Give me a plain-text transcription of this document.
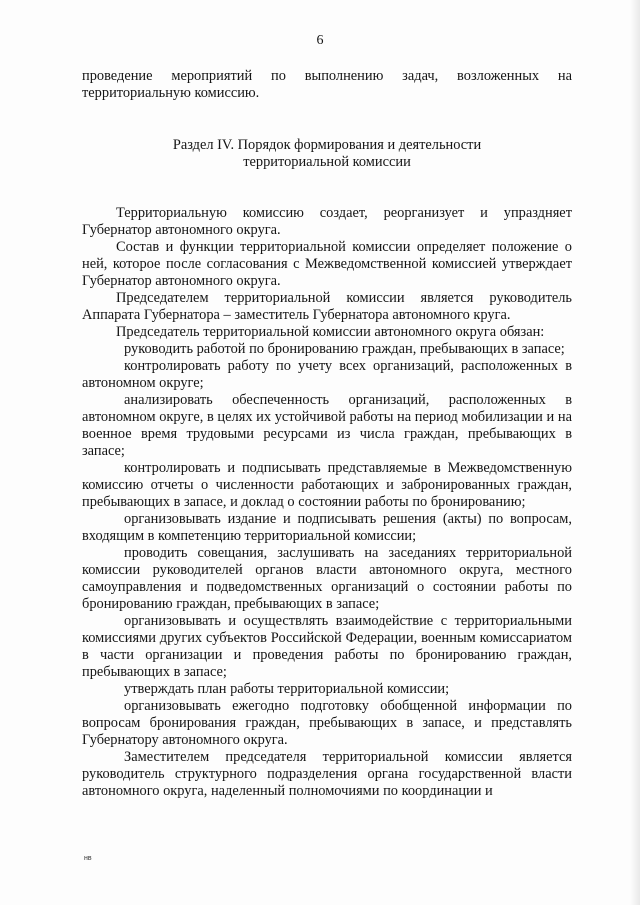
6

проведение мероприятий по выполнению задач, возложенных на территориальную комиссию.

Раздел IV. Порядок формирования и деятельности
территориальной комиссии

Территориальную комиссию создает, реорганизует и упраздняет Губернатор автономного округа.

Состав и функции территориальной комиссии определяет положение о ней, которое после согласования с Межведомственной комиссией утверждает Губернатор автономного округа.

Председателем территориальной комиссии является руководитель Аппарата Губернатора – заместитель Губернатора автономного круга.

Председатель территориальной комиссии автономного округа обязан:

руководить работой по бронированию граждан, пребывающих в запасе;

контролировать работу по учету всех организаций, расположенных в автономном округе;

анализировать обеспеченность организаций, расположенных в автономном округе, в целях их устойчивой работы на период мобилизации и на военное время трудовыми ресурсами из числа граждан, пребывающих в запасе;

контролировать и подписывать представляемые в Межведомственную комиссию отчеты о численности работающих и забронированных граждан, пребывающих в запасе, и доклад о состоянии работы по бронированию;

организовывать издание и подписывать решения (акты) по вопросам, входящим в компетенцию территориальной комиссии;

проводить совещания, заслушивать на заседаниях территориальной комиссии руководителей органов власти автономного округа, местного самоуправления и подведомственных организаций о состоянии работы по бронированию граждан, пребывающих в запасе;

организовывать и осуществлять взаимодействие с территориальными комиссиями других субъектов Российской Федерации, военным комиссариатом в части организации и проведения работы по бронированию граждан, пребывающих в запасе;

утверждать план работы территориальной комиссии;

организовывать ежегодно подготовку обобщенной информации по вопросам бронирования граждан, пребывающих в запасе, и представлять Губернатору автономного округа.

Заместителем председателя территориальной комиссии является руководитель структурного подразделения органа государственной власти автономного округа, наделенный полномочиями по координации и

нв
